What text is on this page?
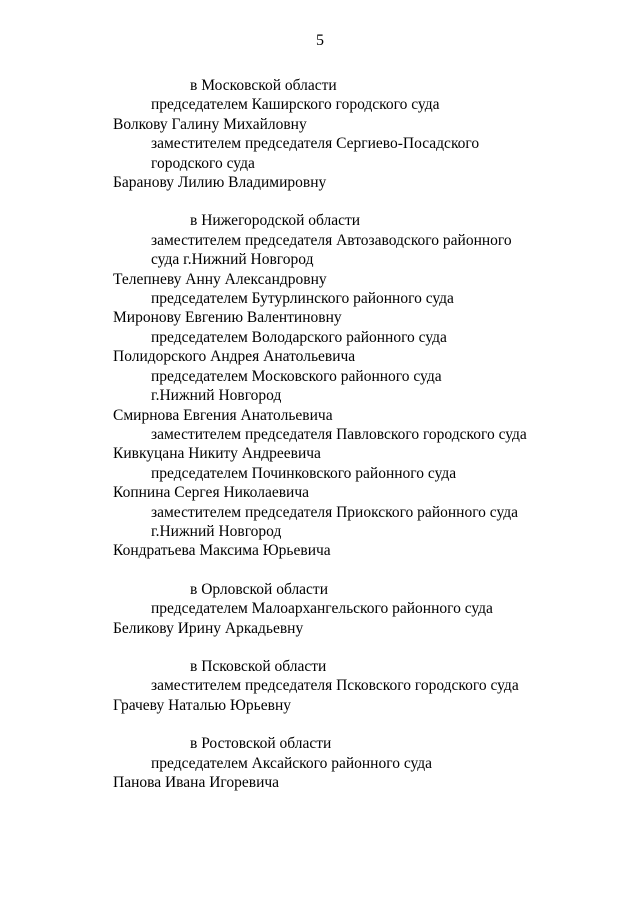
5
в Московской области
председателем Каширского городского суда
Волкову Галину Михайловну
заместителем председателя Сергиево-Посадского
городского суда
Баранову Лилию Владимировну
в Нижегородской области
заместителем председателя Автозаводского районного
суда г.Нижний Новгород
Телепневу Анну Александровну
председателем Бутурлинского районного суда
Миронову Евгению Валентиновну
председателем Володарского районного суда
Полидорского Андрея Анатольевича
председателем Московского районного суда
г.Нижний Новгород
Смирнова Евгения Анатольевича
заместителем председателя Павловского городского суда
Кивкуцана Никиту Андреевича
председателем Починковского районного суда
Копнина Сергея Николаевича
заместителем председателя Приокского районного суда
г.Нижний Новгород
Кондратьева Максима Юрьевича
в Орловской области
председателем Малоархангельского районного суда
Беликову Ирину Аркадьевну
в Псковской области
заместителем председателя Псковского городского суда
Грачеву Наталью Юрьевну
в Ростовской области
председателем Аксайского районного суда
Панова Ивана Игоревича
